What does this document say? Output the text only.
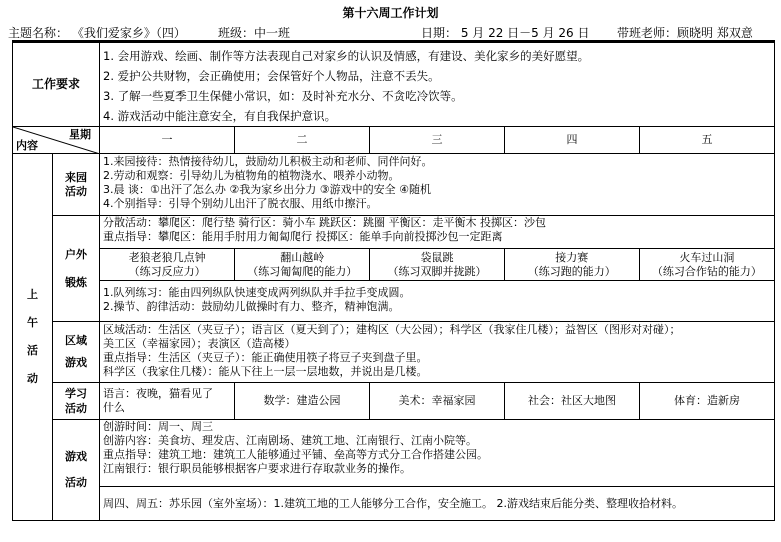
第十六周工作计划
主题名称： 《我们爱家乡》（四）	班级：中一班	日期： 5 月 22 日－5 月 26 日 带班老师：顾晓明 郑双意
工作要求	
1. 会用游戏、绘画、制作等方法表现自己对家乡的认识及情感，有建设、美化家乡的美好愿望。
2. 爱护公共财物，会正确使用；会保管好个人物品，注意不丢失。
3. 了解一些夏季卫生保健小常识，如：及时补充水分、不贪吃冷饮等。
4. 游戏活动中能注意安全，有自我保护意识。

星期
内容	一	二	三	四	五

上
午
活
动

来园
活动

1.来园接待：热情接待幼儿，鼓励幼儿积极主动和老师、同伴问好。
2.劳动和观察：引导幼儿为植物角的植物浇水、喂养小动物。
3.晨 谈：①出汗了怎么办 ②我为家乡出分力 ③游戏中的安全 ④随机
4.个别指导：引导个别幼儿出汗了脱衣服、用纸巾擦汗。

户外
锻炼

分散活动：攀爬区：爬行垫 骑行区：骑小车 跳跃区：跳圈 平衡区：走平衡木 投掷区：沙包
重点指导：攀爬区：能用手肘用力匍匐爬行 投掷区：能单手向前投掷沙包一定距离
老狼老狼几点钟
（练习反应力）

翻山越岭
（练习匍匐爬的能力）

袋鼠跳
（练习双脚并拢跳）

接力赛
（练习跑的能力）

火车过山洞
（练习合作钻的能力）
1.队列练习：能由四列纵队快速变成两列纵队并手拉手变成圆。
2.操节、韵律活动：鼓励幼儿做操时有力、整齐，精神饱满。

区域
游戏

区域活动：生活区（夹豆子）；语言区（夏天到了）；建构区（大公园）；科学区（我家住几楼）；益智区（图形对对碰）；
美工区（幸福家园）；表演区（造高楼）
重点指导：生活区（夹豆子）：能正确使用筷子将豆子夹到盘子里。
科学区（我家住几楼）：能从下往上一层一层地数，并说出是几楼。

学习
活动

语言：夜晚，猫看见了
什么
	数学：建造公园	美术：幸福家园	社会：社区大地图	体育：造新房

游戏
活动

创游时间：周一、周三
创游内容：美食坊、理发店、江南剧场、建筑工地、江南银行、江南小院等。
重点指导：建筑工地：建筑工人能够通过平铺、垒高等方式分工合作搭建公园。
江南银行：银行职员能够根据客户要求进行存取款业务的操作。

周四、周五：苏乐园（室外室场）：1.建筑工地的工人能够分工合作，安全施工。 2.游戏结束后能分类、整理收拾材料。
